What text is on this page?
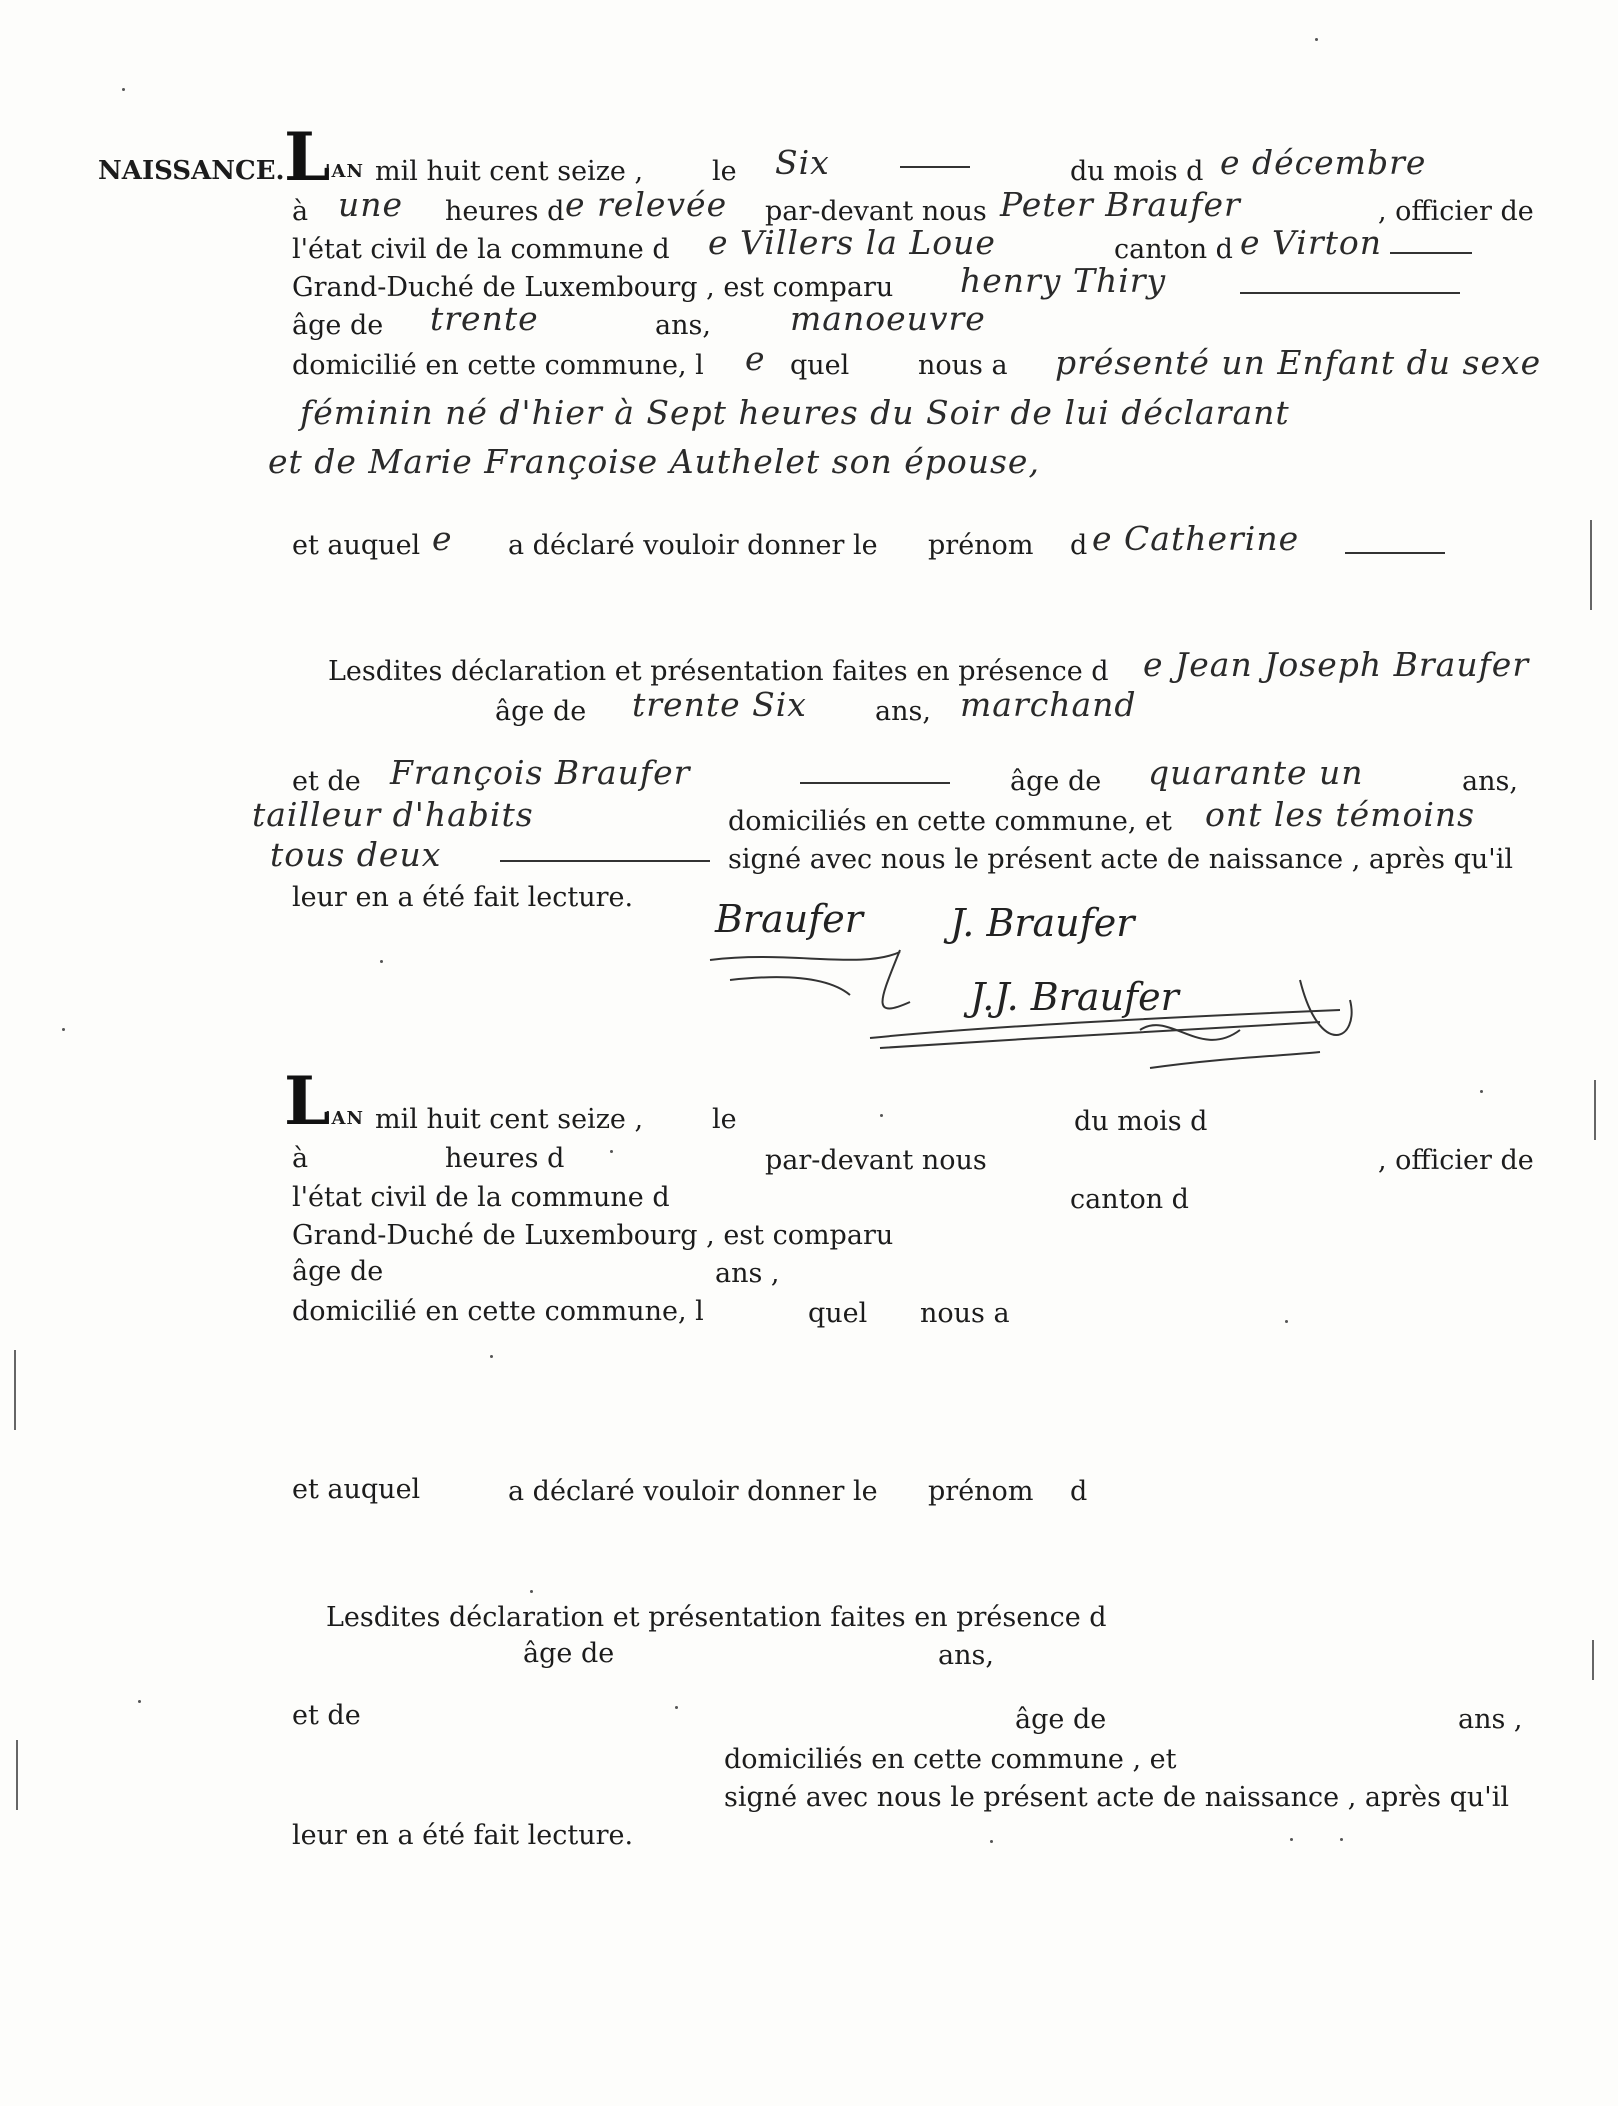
NAISSANCE. L
'AN mil huit cent seize ,	le Six	du mois d e décembre
à une heures d e relevée par-devant nous Peter Braufer	, officier de
l'état civil de la commune d e Villers la Loue	canton d e Virton
Grand-Duché de Luxembourg , est comparu henry Thiry
âge de trente	ans, manoeuvre
domicilié en cette commune, l e quel	nous a présenté un Enfant du sexe
féminin né d'hier à Sept heures du Soir de lui déclarant
et de Marie Françoise Authelet son épouse,
et auquel e a déclaré vouloir donner le prénom d e Catherine
Lesdites déclaration et présentation faites en présence d e Jean Joseph Braufer
âge de trente Six	ans, marchand
et de François Braufer	âge de quarante un	ans,
tailleur d'habits	domiciliés en cette commune, et ont les témoins
tous deux	signé avec nous le présent acte de naissance , après qu'il
leur en a été fait lecture. Braufer J. Braufer
J.J. Braufer
L
'AN mil huit cent seize ,	le	du mois d
à	heures d	par-devant nous	, officier de
l'état civil de la commune d	canton d
Grand-Duché de Luxembourg , est comparu
âge de	ans ,
domicilié en cette commune, l	quel nous a
et auquel	a déclaré vouloir donner le prénom d
Lesdites déclaration et présentation faites en présence d
âge de	ans,
et de	âge de	ans ,
domiciliés en cette commune , et
signé avec nous le présent acte de naissance , après qu'il
leur en a été fait lecture.
